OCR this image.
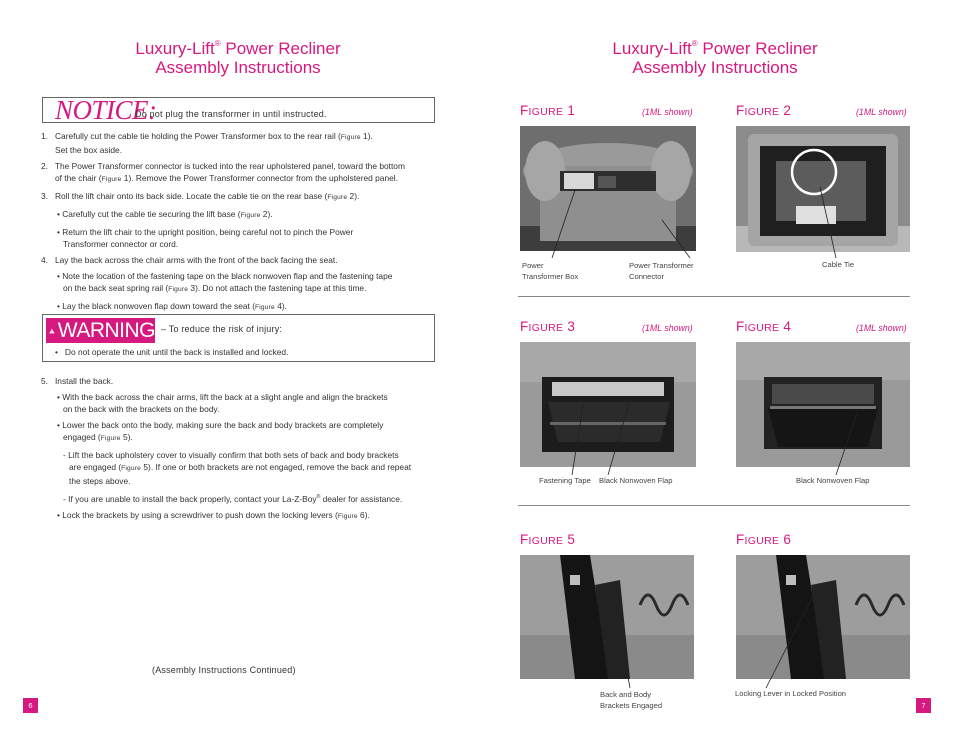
Luxury-Lift® Power Recliner
Assembly Instructions
NOTICE:
Do not plug the transformer in until instructed.
1. Carefully cut the cable tie holding the Power Transformer box to the rear rail (Figure 1).
Set the box aside.
2. The Power Transformer connector is tucked into the rear upholstered panel, toward the bottom
of the chair (Figure 1). Remove the Power Transformer connector from the upholstered panel.
3. Roll the lift chair onto its back side. Locate the cable tie on the rear base (Figure 2).
• Carefully cut the cable tie securing the lift base (Figure 2).
• Return the lift chair to the upright position, being careful not to pinch the Power
Transformer connector or cord.
4. Lay the back across the chair arms with the front of the back facing the seat.
• Note the location of the fastening tape on the black nonwoven flap and the fastening tape
on the back seat spring rail (Figure 3). Do not attach the fastening tape at this time.
• Lay the black nonwoven flap down toward the seat (Figure 4).
WARNING – To reduce the risk of injury:
•   Do not operate the unit until the back is installed and locked.
5. Install the back.
• With the back across the chair arms, lift the back at a slight angle and align the brackets
on the back with the brackets on the body.
• Lower the back onto the body, making sure the back and body brackets are completely
engaged (Figure 5).
- Lift the back upholstery cover to visually confirm that both sets of back and body brackets
are engaged (Figure 5). If one or both brackets are not engaged, remove the back and repeat
the steps above.
- If you are unable to install the back properly, contact your La-Z-Boy® dealer for assistance.
• Lock the brackets by using a screwdriver to push down the locking levers (Figure 6).
(Assembly Instructions Continued)
6
Luxury-Lift® Power Recliner
Assembly Instructions
FIGURE 1	(1ML shown)
Power
Transformer Box
Power Transformer
Connector
FIGURE 2	(1ML shown)
Cable Tie
FIGURE 3	(1ML shown)
Fastening Tape Black Nonwoven Flap
FIGURE 4	(1ML shown)
Black Nonwoven Flap
FIGURE 5
Back and Body
Brackets Engaged
FIGURE 6
Locking Lever in Locked Position
7
